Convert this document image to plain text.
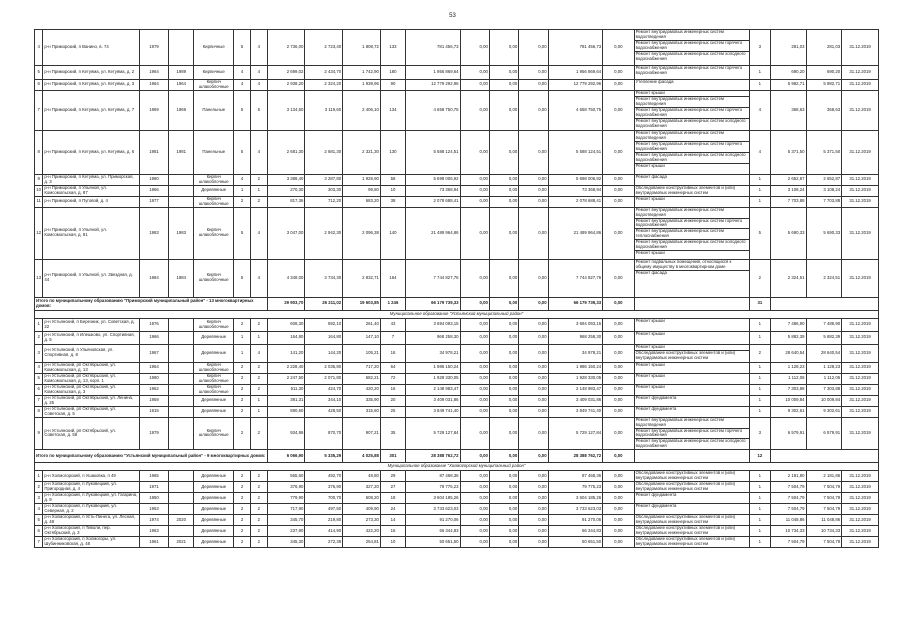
53
4	р-н Приморский, п Ванино, в. 74	1979		Кирпичные	5	4	2 736,00	2 723,40	1 808,72	133	781 456,73	0,00	0,00	0,00	781 456,73	0,00	Ремонт внутридомовых инженерных систем водоотведения
Ремонт внутридомовых инженерных систем горячего водоснабжения
Ремонт внутридомовых инженерных систем холодного водоснабжения	3	281,03	281,03	31.12.2019
5	р-н Приморский, п Кетуяма, ул. Кетуяма, д. 2	1964	1989	Кирпичные	4	4	2 699,02	2 434,70	1 742,90	180	1 956 869,64	0,00	0,00	0,00	1 956 869,64	0,00	Ремонт внутридомовых инженерных систем горячего водоснабжения	1	690,20	690,20	31.12.2019
6	р-н Приморский, п Кетуяма, ул. Кетуяма, д. 3	1964	1964	Кирпич шлакоблочные	4	4	2 938,20	2 324,20	1 939,96	90	12 779 292,96	0,00	0,00	0,00	12 779 292,96	0,00	Утепление фасада	1	5 982,71	5 982,71	31.12.2019
7	р-н Приморский, п Кетуяма, ул. Кетуяма, д. 7	1969	1969	Панельные	5	5	3 134,60	3 119,60	2 406,10	134	4 658 750,75	0,00	0,00	0,00	4 658 750,75	0,00	Ремонт крыши
Ремонт внутридомовых инженерных систем водоотведения
Ремонт внутридомовых инженерных систем горячего водоснабжения
Ремонт внутридомовых инженерных систем холодного водоснабжения	4	368,63	368,63	31.12.2019
8	р-н Приморский, п Кетуяма, ул. Кетуяма, д. 6	1981	1981	Панельные	5	4	2 681,30	2 681,30	2 321,30	130	5 588 124,51	0,00	0,00	0,00	5 588 124,51	0,00	Ремонт внутридомовых инженерных систем водоотведения
Ремонт внутридомовых инженерных систем горячего водоснабжения
Ремонт внутридомовых инженерных систем холодного водоснабжения
Ремонт крыши	4	5 371,50	5 371,50	31.12.2019
9	р-н Приморский, п Кетуяма, ул. Приморская, д. 3	1980		Кирпич шлакоблочные	4	2	3 388,40	3 287,80	1 928,90	58	5 698 006,92	0,00	0,00	0,00	5 698 006,92	0,00	Ремонт фасада	1	2 652,87	2 652,87	31.12.2019
10	р-н Приморский, п Ульяной, ул. Комсомольская, д. 87	1966		Деревянные	1	1	270,30	303,30	99,80	10	73 368,94	0,00	0,00	0,00	73 368,94	0,00	Обследование конструктивных элементов и (или) внутридомовых инженерных систем	1	3 108,24	3 108,24	31.12.2019
11	р-н Приморский, п Пуговой, д. 4	1977		Кирпич шлакоблочные	2	2	817,36	712,20	683,20	38	2 078 688,41	0,00	0,00	0,00	2 078 688,41	0,00	Ремонт крыши	1	7 703,88	7 703,88	31.12.2019
12	р-н Приморский, п Ульяной, ул. Комсомольская, д. 81	1983	1983	Кирпич шлакоблочные	5	4	3 047,00	2 942,30	2 096,38	140	21 489 964,86	0,00	0,00	0,00	21 489 964,86	0,00	Ремонт внутридомовых инженерных систем водоотведения
Ремонт внутридомовых инженерных систем горячего водоснабжения
Ремонт внутридомовых инженерных систем теплоснабжения
Ремонт внутридомовых инженерных систем холодного водоснабжения
Ремонт крыши	5	5 690,33	5 690,33	31.12.2019
13	р-н Приморский, п Ульяной, ул. Звездная, д. 44	1984	1984	Кирпич шлакоблочные	5	4	4 348,00	3 734,30	2 832,71	164	7 744 827,76	0,00	0,00	0,00	7 744 827,76	0,00	Ремонт подвальных помещений, относящихся к общему имуществу в многоквартирном доме
Ремонт фасада	2	2 324,51	2 324,51	31.12.2019
Итого по муниципальному образованию "Приморский муниципальный район" - 13 многоквартирных домов:							29 903,70	26 211,02	19 603,85	1 246	66 179 739,33	0,00	0,00	0,00	66 179 739,33	0,00		31			
Муниципальное образование "Устьянский муниципальный район"																					
1	р-н Устьянский, п Березник, ул. Советская, д. 22	1976		Кирпич шлакоблочные	2	2	608,30	592,10	261,40	43	3 694 093,15	0,00	0,00	0,00	3 694 093,15	0,00	Ремонт крыши	1	7 486,90	7 486,90	31.12.2019
2	р-н Устьянский, п Илешково, ул. Спортивная, д. 5	1966		Деревянные	1	1	164,80	164,80	147,10	7	968 258,30	0,00	0,00	0,00	968 258,30	0,00	Ремонт крыши	1	5 882,39	5 882,39	31.12.2019
3	р-н Устьянский, п Ульяновская, ул. Спортивная, д. 8	1967		Деревянные	1	4	141,20	144,20	105,21	16	34 978,21	0,00	0,00	0,00	34 978,21	0,00	Ремонт крыши
Обследование конструктивных элементов и (или) внутридомовых инженерных систем	2	28 640,54	28 640,54	31.12.2019
4	р-н Устьянский, рп Октябрьский, ул. Комсомольская, д. 13	1964		Кирпич шлакоблочные	2	2	2 228,40	2 035,80	717,20	64	1 986 150,24	0,00	0,00	0,00	1 986 150,24	0,00	Ремонт крыши	1	1 128,23	1 128,23	31.12.2019
5	р-н Устьянский, рп Октябрьский, ул. Комсомольская, д. 13, корп. 1	1980		Кирпич шлакоблочные	2	2	2 247,50	2 071,80	682,21	72	1 928 330,05	0,00	0,00	0,00	1 928 330,05	0,00	Ремонт крыши	1	1 112,06	1 112,06	31.12.2019
6	р-н Устьянский, рп Октябрьский, ул. Комсомольская, д. 3	1962		Кирпич шлакоблочные	2	2	511,30	424,70	420,20	16	2 148 983,47	0,00	0,00	0,00	2 148 983,47	0,00	Ремонт крыши	1	7 303,88	7 303,88	31.12.2019
7	р-н Устьянский, рп Октябрьский, ул. Ленина, д. 26	1959		Деревянные	2	1	391,31	344,10	335,90	20	3 409 031,86	0,00	0,00	0,00	3 409 031,86	0,00	Ремонт фундамента	1	10 009,84	10 009,84	31.12.2019
8	р-н Устьянский, рп Октябрьский, ул. Советская, д. 5	1915		Деревянные	2	1	590,60	428,50	315,60	25	3 849 741,40	0,00	0,00	0,00	3 849 741,40	0,00	Ремонт фундамента	1	9 302,61	9 302,61	31.12.2019
9	р-н Устьянский, рп Октябрьский, ул. Советская, д. 58	1979		Кирпич шлакоблочные	2	2	934,86	870,70	907,21	35	5 729 127,84	0,00	0,00	0,00	5 729 127,84	0,00	Ремонт внутридомовых инженерных систем водоотведения
Ремонт внутридомовых инженерных систем горячего водоснабжения
Ремонт внутридомовых инженерных систем холодного водоснабжения	3	6 579,91	6 579,91	31.12.2019
Итого по муниципальному образованию "Устьянский муниципальный район" - 9 многоквартирных домов:							6 066,90	5 335,29	4 025,88	301	28 388 762,72	0,00	0,00	0,00	28 388 762,72	0,00		12			
Муниципальное образование "Холмогорский муниципальный район"																					
1	р-н Холмогорский, п Ушаковка, п 49	1965		Деревянные	2	2	565,60	492,70	48,80	29	87 468,36	0,00	0,00	0,00	87 468,36	0,00	Обследование конструктивных элементов и (или) внутридомовых инженерных систем	1	2 181,80	2 181,86	31.12.2019
2	р-н Холмогорский, п Луковецкий, ул. Пригородная, д. 4	1971		Деревянные	2	2	376,90	376,90	327,20	27	79 775,23	0,00	0,00	0,00	79 775,23	0,00	Обследование конструктивных элементов и (или) внутридомовых инженерных систем	1	7 504,79	7 504,79	31.12.2019
3	р-н Холмогорский, п Луковецкий, ул. Гагарина, д. 9	1950		Деревянные	2	2	779,90	700,70	608,20	18	3 604 185,26	0,00	0,00	0,00	3 604 185,26	0,00	Ремонт фундамента	1	7 504,79	7 504,79	31.12.2019
4	р-н Холмогорский, п Луковецкий, ул. Северная, д. 2	1953		Деревянные	2	2	717,90	497,50	409,90	24	3 733 623,03	0,00	0,00	0,00	3 733 623,03	0,00	Ремонт фундамента	1	7 504,79	7 504,79	31.12.2019
5	р-н Холмогорский, п Усть-Пинега, ул. Лесная, д. 48	1974	2020	Деревянные	2	2	345,70	219,80	273,30	14	91 270,06	0,00	0,00	0,00	91 270,06	0,00	Обследование конструктивных элементов и (или) внутридомовых инженерных систем	1	11 048,86	11 048,86	31.12.2019
6	р-н Холмогорский, п Тиволи, пер. Октябрьский, д. 3	1963		Деревянные	2	2	237,90	414,90	422,20	16	66 344,83	0,00	0,00	0,00	66 344,83	0,00	Обследование конструктивных элементов и (или) внутридомовых инженерных систем	1	10 734,33	10 734,33	31.12.2019
7	р-н Холмогорский, п Холмогоры, ул. Шубинниковская, д. 48	1961	2021	Деревянные	2	2	345,30	272,38	254,81	10	50 651,50	0,00	0,00	0,00	50 651,50	0,00	Обследование конструктивных элементов и (или) внутридомовых инженерных систем	1	7 504,79	7 504,79	31.12.2019
